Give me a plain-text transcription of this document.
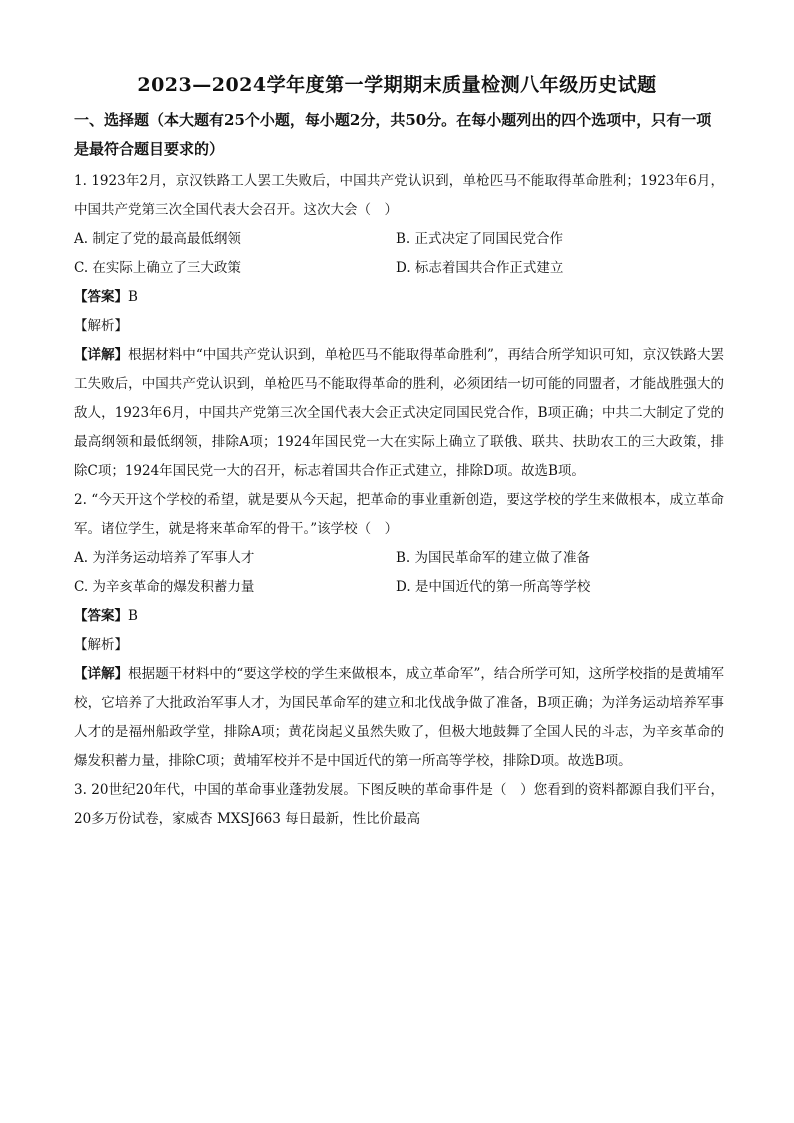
2023—2024学年度第一学期期末质量检测八年级历史试题
一、选择题（本大题有25个小题，每小题2分，共50分。在每小题列出的四个选项中，只有一项是最符合题目要求的）

1. 1923年2月，京汉铁路工人罢工失败后，中国共产党认识到，单枪匹马不能取得革命胜利；1923年6月，中国共产党第三次全国代表大会召开。这次大会（　）

A. 制定了党的最高最低纲领	B. 正式决定了同国民党合作
C. 在实际上确立了三大政策	D. 标志着国共合作正式建立

【答案】B

【解析】

【详解】根据材料中“中国共产党认识到，单枪匹马不能取得革命胜利”，再结合所学知识可知，京汉铁路大罢工失败后，中国共产党认识到，单枪匹马不能取得革命的胜利，必须团结一切可能的同盟者，才能战胜强大的敌人，1923年6月，中国共产党第三次全国代表大会正式决定同国民党合作，B项正确；中共二大制定了党的最高纲领和最低纲领，排除A项；1924年国民党一大在实际上确立了联俄、联共、扶助农工的三大政策，排除C项；1924年国民党一大的召开，标志着国共合作正式建立，排除D项。故选B项。

2. “今天开这个学校的希望，就是要从今天起，把革命的事业重新创造，要这学校的学生来做根本，成立革命军。诸位学生，就是将来革命军的骨干。”该学校（　）

A. 为洋务运动培养了军事人才	B. 为国民革命军的建立做了准备
C. 为辛亥革命的爆发积蓄力量	D. 是中国近代的第一所高等学校

【答案】B

【解析】

【详解】根据题干材料中的“要这学校的学生来做根本，成立革命军”，结合所学可知，这所学校指的是黄埔军校，它培养了大批政治军事人才，为国民革命军的建立和北伐战争做了准备，B项正确；为洋务运动培养军事人才的是福州船政学堂，排除A项；黄花岗起义虽然失败了，但极大地鼓舞了全国人民的斗志，为辛亥革命的爆发积蓄力量，排除C项；黄埔军校并不是中国近代的第一所高等学校，排除D项。故选B项。

3. 20世纪20年代，中国的革命事业蓬勃发展。下图反映的革命事件是（　）您看到的资料都源自我们平台，20多万份试卷，家威杏 MXSJ663 每日最新，性比价最高
